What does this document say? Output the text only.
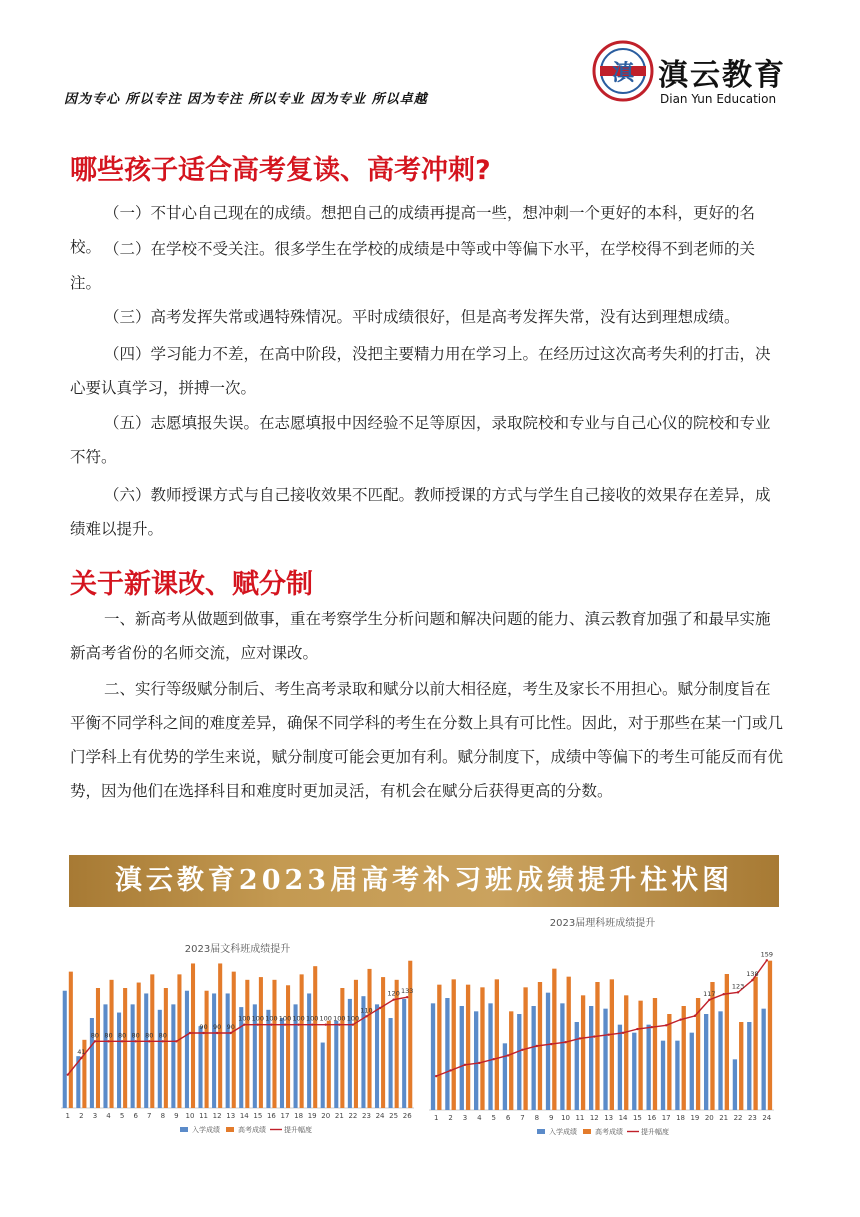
因为专心 所以专注 因为专注 所以专业 因为专业 所以卓越
滇 滇云教育
Dian Yun Education
哪些孩子适合高考复读、高考冲刺?

（一）不甘心自己现在的成绩。想把自己的成绩再提高一些，想冲刺一个更好的本科，更好的名校。 （二）在学校不受关注。很多学生在学校的成绩是中等或中等偏下水平，在学校得不到老师的关注。

（三）高考发挥失常或遇特殊情况。平时成绩很好，但是高考发挥失常，没有达到理想成绩。

（四）学习能力不差，在高中阶段，没把主要精力用在学习上。在经历过这次高考失利的打击，决心要认真学习，拼搏一次。

（五）志愿填报失误。在志愿填报中因经验不足等原因，录取院校和专业与自己心仪的院校和专业不符。

（六）教师授课方式与自己接收效果不匹配。教师授课的方式与学生自己接收的效果存在差异，成绩难以提升。

关于新课改、赋分制

一、新高考从做题到做事，重在考察学生分析问题和解决问题的能力、滇云教育加强了和最早实施新高考省份的名师交流，应对课改。

二、实行等级赋分制后、考生高考录取和赋分以前大相径庭，考生及家长不用担心。赋分制度旨在平衡不同学科之间的难度差异，确保不同学科的考生在分数上具有可比性。因此，对于那些在某一门或几门学科上有优势的学生来说，赋分制度可能会更加有利。赋分制度下，成绩中等偏下的考生可能反而有优势，因为他们在选择科目和难度时更加灵活，有机会在赋分后获得更高的分数。

滇云教育2023届高考补习班成绩提升柱状图
2023届文科班成绩提升
1 2 3 4 5 6 7 8 9 10 11 12 13 14 15 16 17 18 19 20 21 22 23 24 25 26
41
80 80 80 80 80 80
90 90 90
100 100 100 100 100 100 100 100 100
110
120 133
入学成绩	高考成绩	提升幅度
2023届理科班成绩提升
1 2 3 4 5 6 7 8 9 10 11 12 13 14 15 16 17 18 19 20 21 22 23 24
117
123
138
159
入学成绩	高考成绩	提升幅度
